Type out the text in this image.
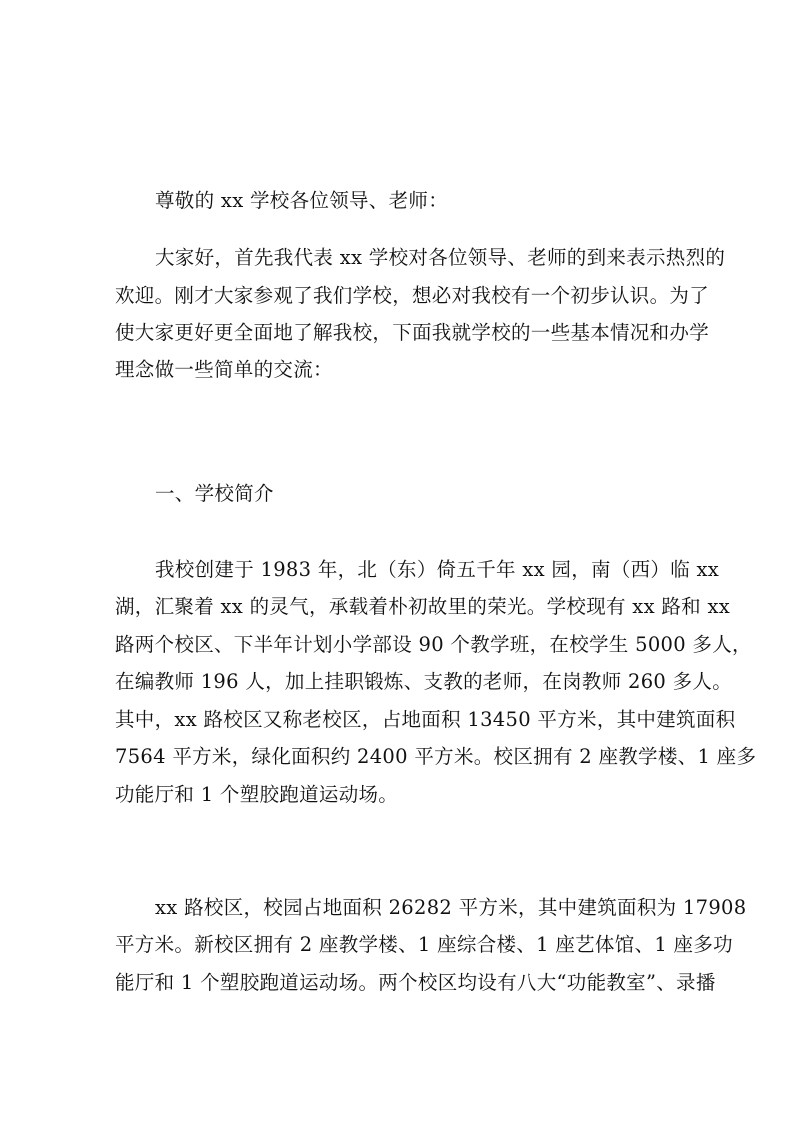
尊敬的 xx 学校各位领导、老师：
大家好，首先我代表 xx 学校对各位领导、老师的到来表示热烈的
欢迎。刚才大家参观了我们学校，想必对我校有一个初步认识。为了
使大家更好更全面地了解我校，下面我就学校的一些基本情况和办学
理念做一些简单的交流：
一、学校简介
我校创建于 1983 年，北（东）倚五千年 xx 园，南（西）临 xx
湖，汇聚着 xx 的灵气，承载着朴初故里的荣光。学校现有 xx 路和 xx
路两个校区、下半年计划小学部设 90 个教学班，在校学生 5000 多人，
在编教师 196 人，加上挂职锻炼、支教的老师，在岗教师 260 多人。
其中，xx 路校区又称老校区，占地面积 13450 平方米，其中建筑面积
7564 平方米，绿化面积约 2400 平方米。校区拥有 2 座教学楼、1 座多
功能厅和 1 个塑胶跑道运动场。
xx 路校区，校园占地面积 26282 平方米，其中建筑面积为 17908
平方米。新校区拥有 2 座教学楼、1 座综合楼、1 座艺体馆、1 座多功
能厅和 1 个塑胶跑道运动场。两个校区均设有八大“功能教室”、录播
